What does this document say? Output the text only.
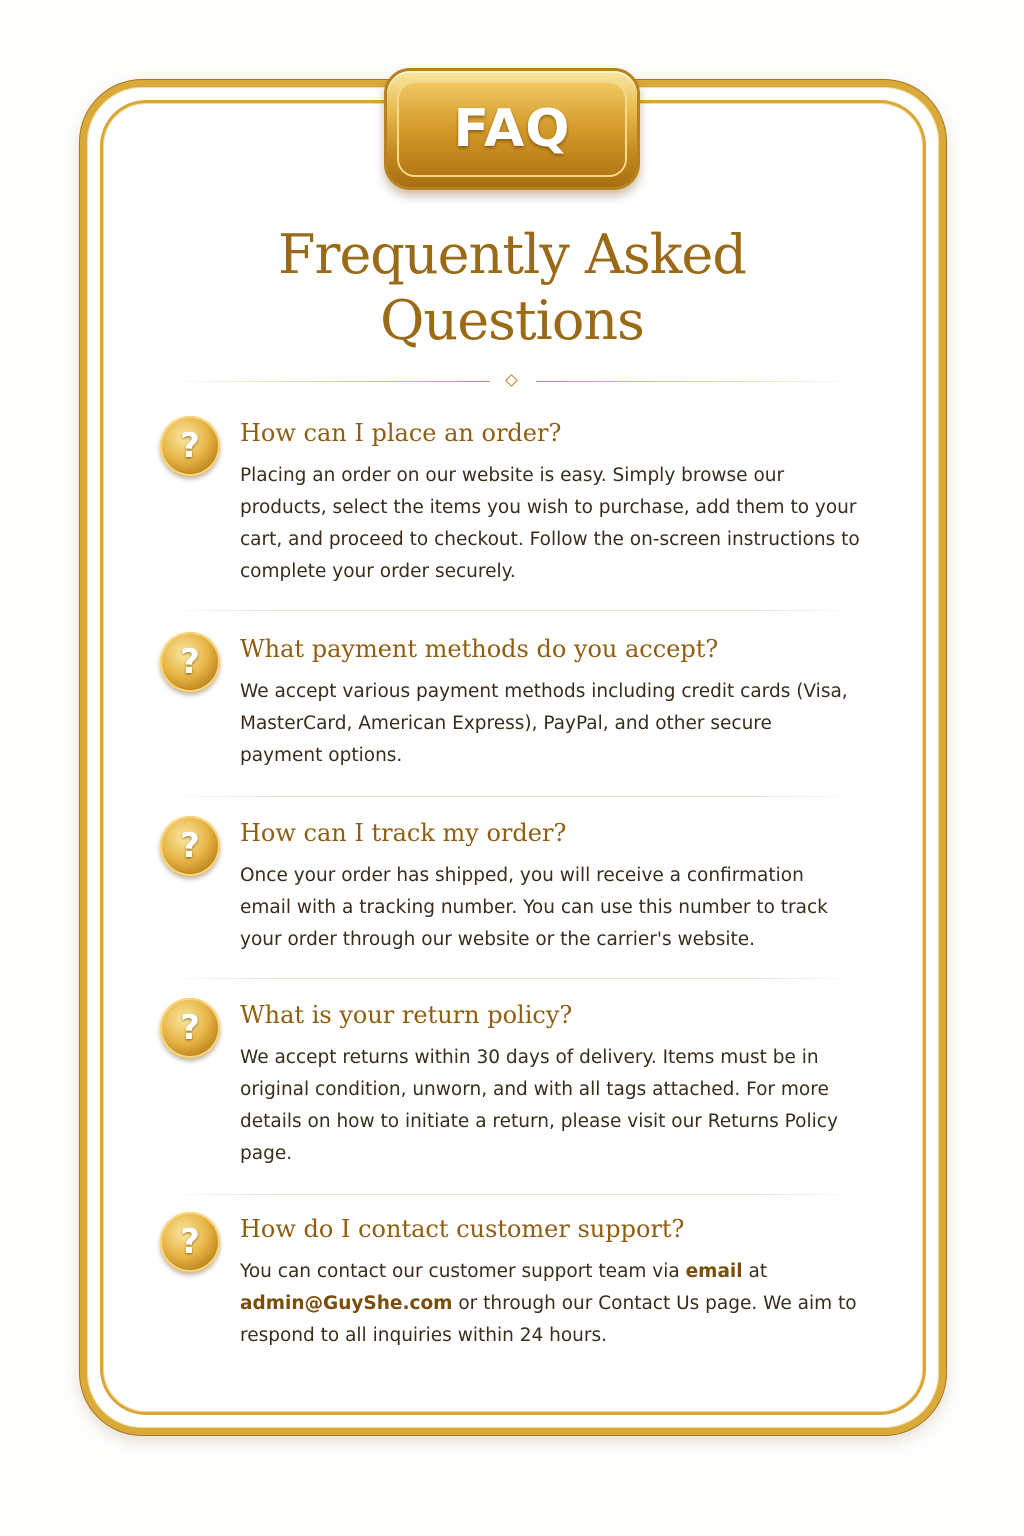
FAQ
Frequently Asked
Questions
? How can I place an order?
Placing an order on our website is easy. Simply browse our products, select the items you wish to purchase, add them to your cart, and proceed to checkout. Follow the on-screen instructions to complete your order securely.
? What payment methods do you accept?
We accept various payment methods including credit cards (Visa, MasterCard, American Express), PayPal, and other secure payment options.
? How can I track my order?
Once your order has shipped, you will receive a confirmation email with a tracking number. You can use this number to track your order through our website or the carrier's website.
? What is your return policy?
We accept returns within 30 days of delivery. Items must be in original condition, unworn, and with all tags attached. For more details on how to initiate a return, please visit our Returns Policy page.
? How do I contact customer support?
You can contact our customer support team via email at admin@GuyShe.com or through our Contact Us page. We aim to respond to all inquiries within 24 hours.
